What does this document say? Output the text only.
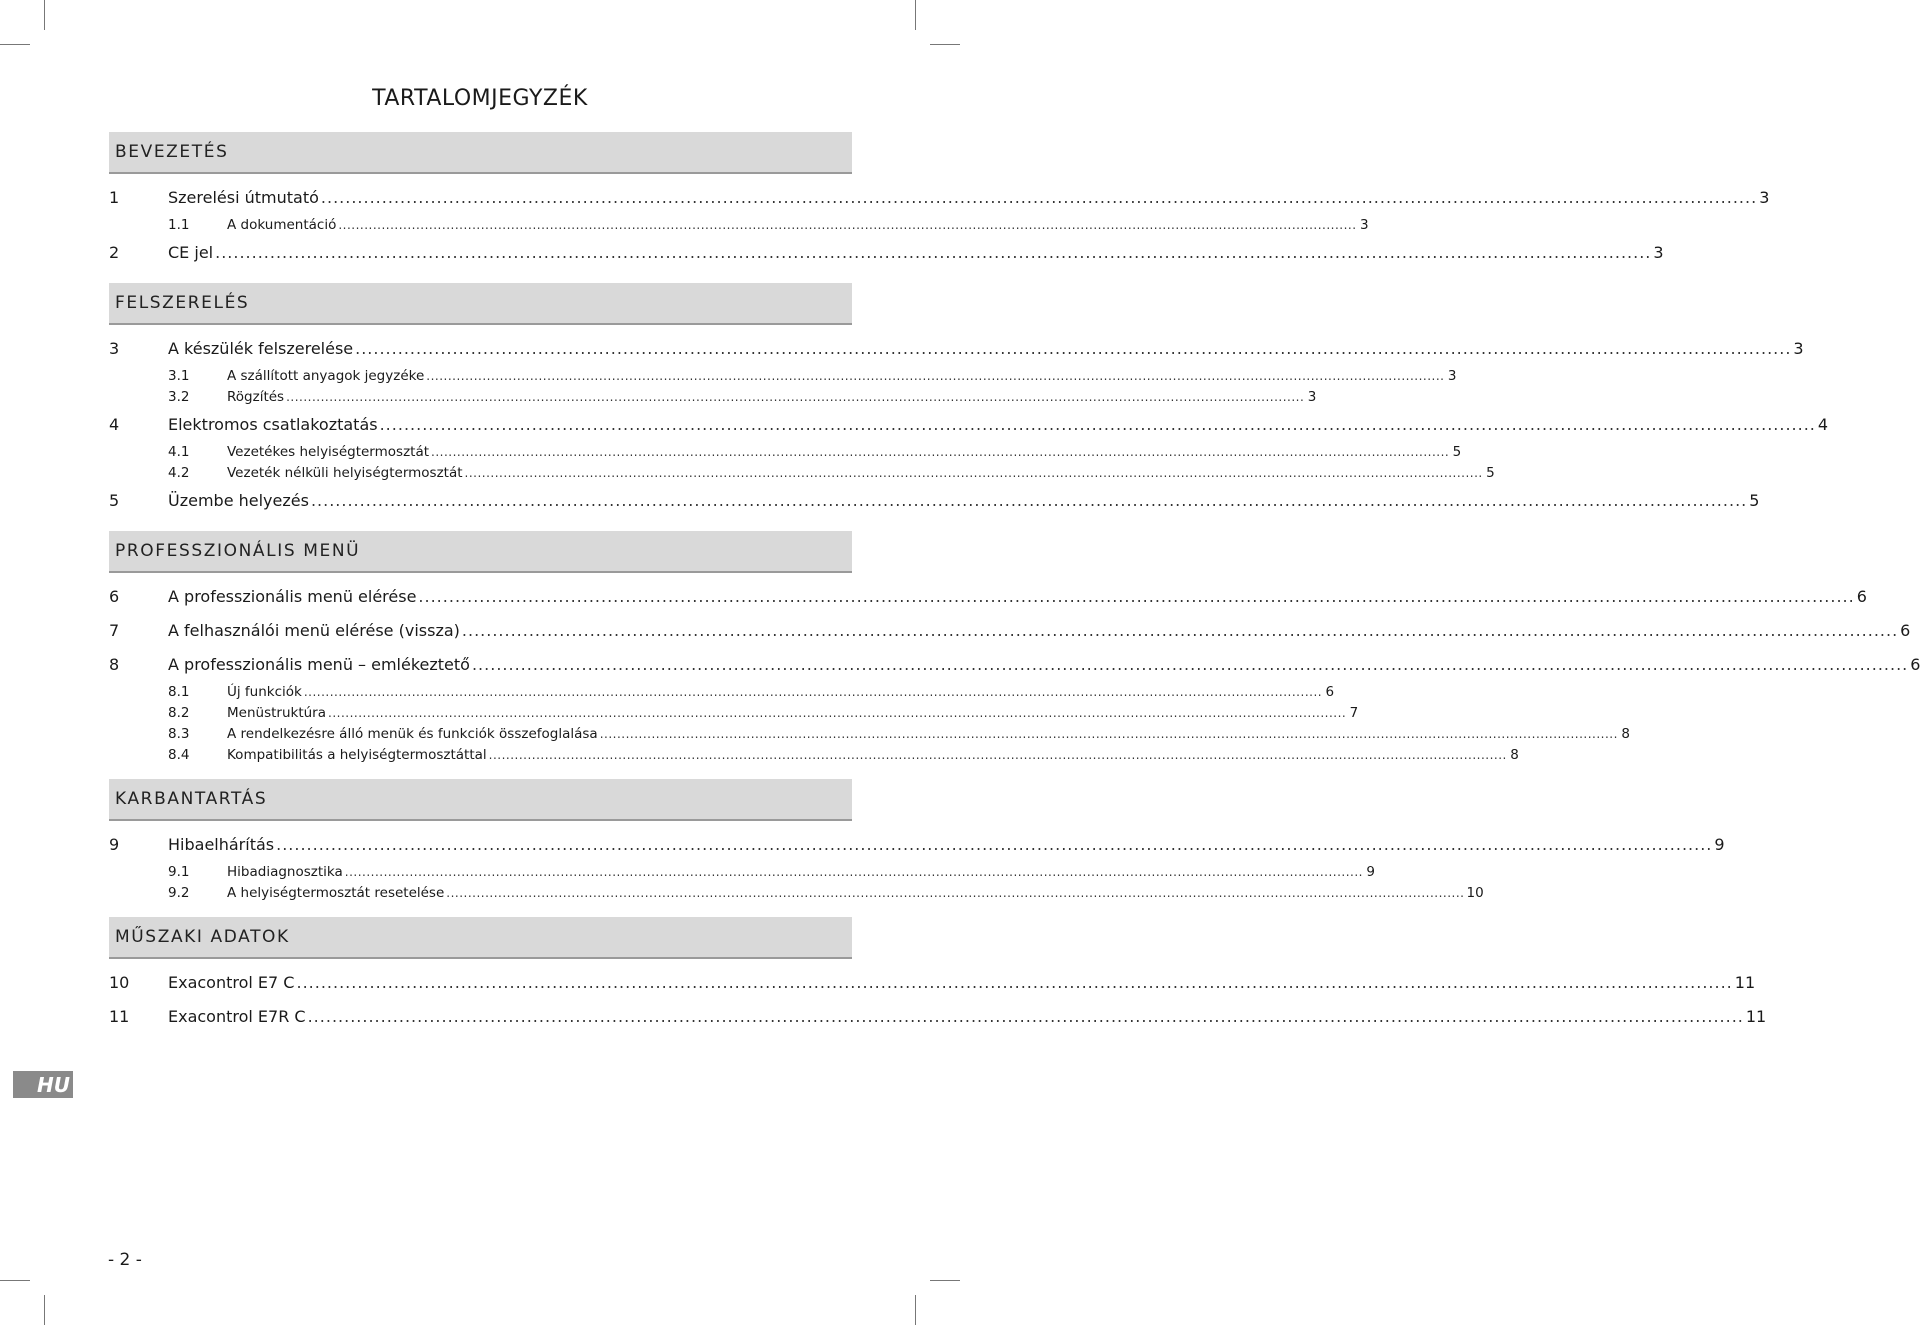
TARTALOMJEGYZÉK
BEVEZETÉS
1	Szerelési útmutató ............................................................................................................................................................................................................................................ 3
1.1	A dokumentáció ............................................................................................................................................................................................................................................ 3
2	CE jel ............................................................................................................................................................................................................................................ 3
FELSZERELÉS
3	A készülék felszerelése ............................................................................................................................................................................................................................................ 3
3.1	A szállított anyagok jegyzéke ............................................................................................................................................................................................................................................ 3
3.2	Rögzítés ............................................................................................................................................................................................................................................ 3
4	Elektromos csatlakoztatás ............................................................................................................................................................................................................................................ 4
4.1	Vezetékes helyiségtermosztát ............................................................................................................................................................................................................................................ 5
4.2	Vezeték nélküli helyiségtermosztát ............................................................................................................................................................................................................................................ 5
5	Üzembe helyezés ............................................................................................................................................................................................................................................ 5
PROFESSZIONÁLIS MENÜ
6	A professzionális menü elérése ............................................................................................................................................................................................................................................ 6
7	A felhasználói menü elérése (vissza) ............................................................................................................................................................................................................................................ 6
8	A professzionális menü – emlékeztető ............................................................................................................................................................................................................................................ 6
8.1	Új funkciók ............................................................................................................................................................................................................................................ 6
8.2	Menüstruktúra ............................................................................................................................................................................................................................................ 7
8.3	A rendelkezésre álló menük és funkciók összefoglalása ............................................................................................................................................................................................................................................ 8
8.4	Kompatibilitás a helyiségtermosztáttal ............................................................................................................................................................................................................................................ 8
KARBANTARTÁS
9	Hibaelhárítás ............................................................................................................................................................................................................................................ 9
9.1	Hibadiagnosztika ............................................................................................................................................................................................................................................ 9
9.2	A helyiségtermosztát resetelése ............................................................................................................................................................................................................................................ 10
MŰSZAKI ADATOK
10	Exacontrol E7 C ............................................................................................................................................................................................................................................ 11
11	Exacontrol E7R C ............................................................................................................................................................................................................................................ 11
HU
- 2 -
